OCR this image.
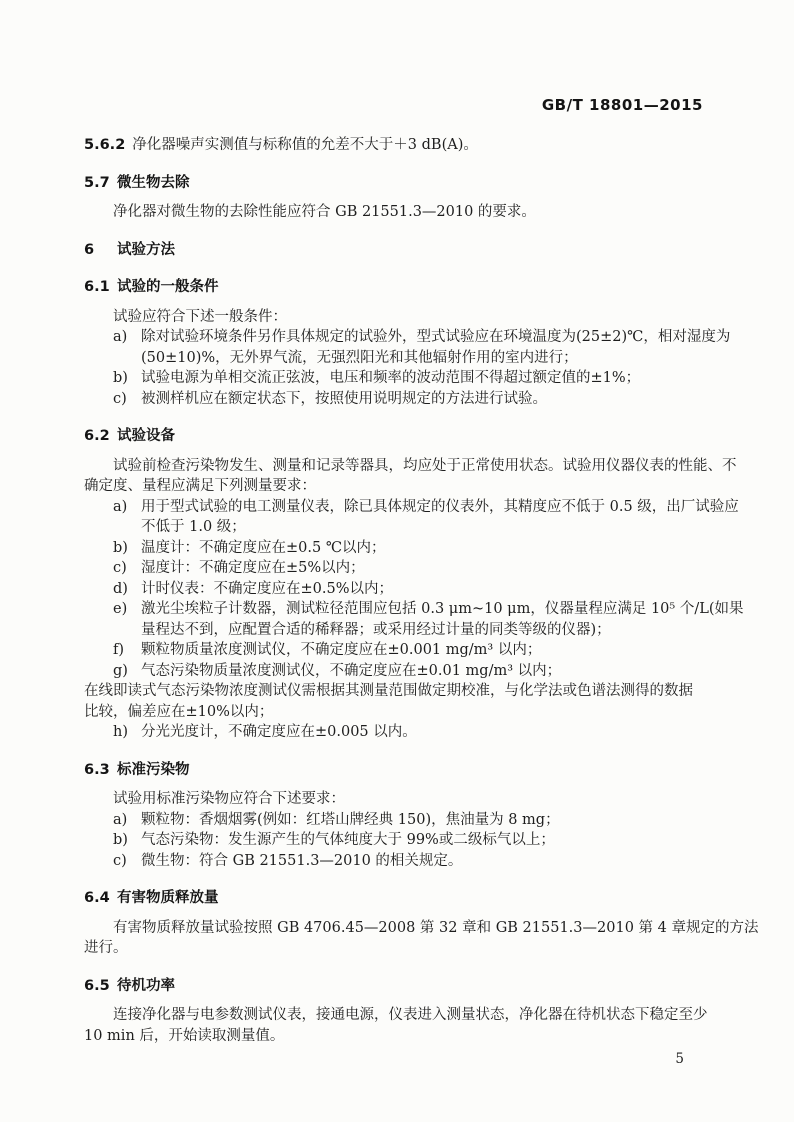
GB/T 18801—2015
5.6.2 净化器噪声实测值与标称值的允差不大于＋3 dB(A)。
5.7 微生物去除
净化器对微生物的去除性能应符合 GB 21551.3—2010 的要求。
6	试验方法
6.1 试验的一般条件
试验应符合下述一般条件：
a) 除对试验环境条件另作具体规定的试验外，型式试验应在环境温度为(25±2)℃，相对湿度为
(50±10)%，无外界气流，无强烈阳光和其他辐射作用的室内进行；
b) 试验电源为单相交流正弦波，电压和频率的波动范围不得超过额定值的±1%；
c) 被测样机应在额定状态下，按照使用说明规定的方法进行试验。
6.2 试验设备
试验前检查污染物发生、测量和记录等器具，均应处于正常使用状态。试验用仪器仪表的性能、不
确定度、量程应满足下列测量要求：
a) 用于型式试验的电工测量仪表，除已具体规定的仪表外，其精度应不低于 0.5 级，出厂试验应
不低于 1.0 级；
b) 温度计：不确定度应在±0.5 ℃以内；
c) 湿度计：不确定度应在±5%以内；
d) 计时仪表：不确定度应在±0.5%以内；
e) 激光尘埃粒子计数器，测试粒径范围应包括 0.3 μm~10 μm，仪器量程应满足 10⁵ 个/L(如果
量程达不到，应配置合适的稀释器；或采用经过计量的同类等级的仪器)；
f) 颗粒物质量浓度测试仪，不确定度应在±0.001 mg/m³ 以内；
g) 气态污染物质量浓度测试仪，不确定度应在±0.01 mg/m³ 以内；
在线即读式气态污染物浓度测试仪需根据其测量范围做定期校准，与化学法或色谱法测得的数据
比较，偏差应在±10%以内；
h) 分光光度计，不确定度应在±0.005 以内。
6.3 标准污染物
试验用标准污染物应符合下述要求：
a) 颗粒物：香烟烟雾(例如：红塔山牌经典 150)，焦油量为 8 mg；
b) 气态污染物：发生源产生的气体纯度大于 99%或二级标气以上；
c) 微生物：符合 GB 21551.3—2010 的相关规定。
6.4 有害物质释放量
有害物质释放量试验按照 GB 4706.45—2008 第 32 章和 GB 21551.3—2010 第 4 章规定的方法
进行。
6.5 待机功率
连接净化器与电参数测试仪表，接通电源，仪表进入测量状态，净化器在待机状态下稳定至少
10 min 后，开始读取测量值。
5
